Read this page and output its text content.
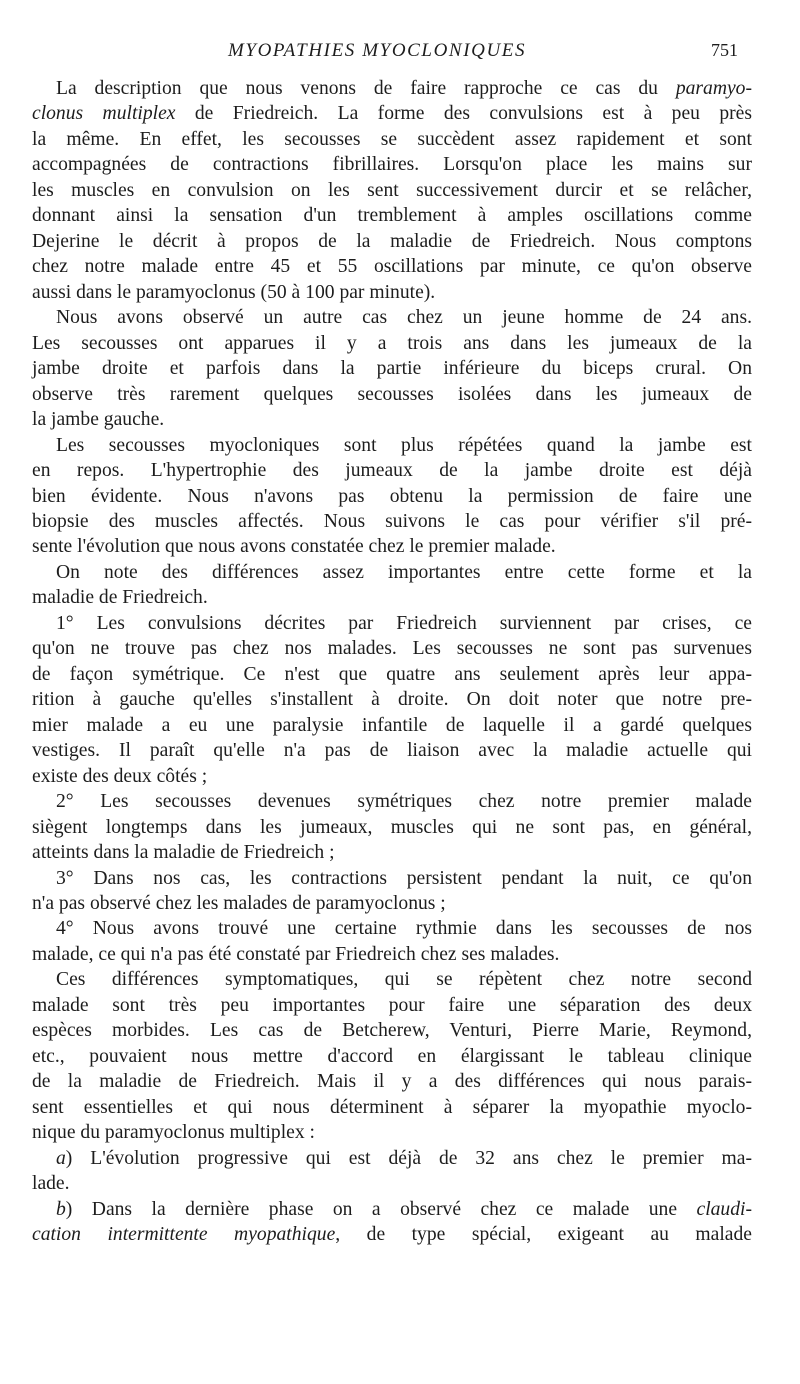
MYOPATHIES MYOCLONIQUES	751
La description que nous venons de faire rapproche ce cas du paramyo-
clonus multiplex de Friedreich. La forme des convulsions est à peu près
la même. En effet, les secousses se succèdent assez rapidement et sont
accompagnées de contractions fibrillaires. Lorsqu'on place les mains sur
les muscles en convulsion on les sent successivement durcir et se relâcher,
donnant ainsi la sensation d'un tremblement à amples oscillations comme
Dejerine le décrit à propos de la maladie de Friedreich. Nous comptons
chez notre malade entre 45 et 55 oscillations par minute, ce qu'on observe
aussi dans le paramyoclonus (50 à 100 par minute).
Nous avons observé un autre cas chez un jeune homme de 24 ans.
Les secousses ont apparues il y a trois ans dans les jumeaux de la
jambe droite et parfois dans la partie inférieure du biceps crural. On
observe très rarement quelques secousses isolées dans les jumeaux de
la jambe gauche.
Les secousses myocloniques sont plus répétées quand la jambe est
en repos. L'hypertrophie des jumeaux de la jambe droite est déjà
bien évidente. Nous n'avons pas obtenu la permission de faire une
biopsie des muscles affectés. Nous suivons le cas pour vérifier s'il pré-
sente l'évolution que nous avons constatée chez le premier malade.
On note des différences assez importantes entre cette forme et la
maladie de Friedreich.
1° Les convulsions décrites par Friedreich surviennent par crises, ce
qu'on ne trouve pas chez nos malades. Les secousses ne sont pas survenues
de façon symétrique. Ce n'est que quatre ans seulement après leur appa-
rition à gauche qu'elles s'installent à droite. On doit noter que notre pre-
mier malade a eu une paralysie infantile de laquelle il a gardé quelques
vestiges. Il paraît qu'elle n'a pas de liaison avec la maladie actuelle qui
existe des deux côtés ;
2° Les secousses devenues symétriques chez notre premier malade
siègent longtemps dans les jumeaux, muscles qui ne sont pas, en général,
atteints dans la maladie de Friedreich ;
3° Dans nos cas, les contractions persistent pendant la nuit, ce qu'on
n'a pas observé chez les malades de paramyoclonus ;
4° Nous avons trouvé une certaine rythmie dans les secousses de nos
malade, ce qui n'a pas été constaté par Friedreich chez ses malades.
Ces différences symptomatiques, qui se répètent chez notre second
malade sont très peu importantes pour faire une séparation des deux
espèces morbides. Les cas de Betcherew, Venturi, Pierre Marie, Reymond,
etc., pouvaient nous mettre d'accord en élargissant le tableau clinique
de la maladie de Friedreich. Mais il y a des différences qui nous parais-
sent essentielles et qui nous déterminent à séparer la myopathie myoclo-
nique du paramyoclonus multiplex :
a) L'évolution progressive qui est déjà de 32 ans chez le premier ma-
lade.
b) Dans la dernière phase on a observé chez ce malade une claudi-
cation intermittente myopathique, de type spécial, exigeant au malade
